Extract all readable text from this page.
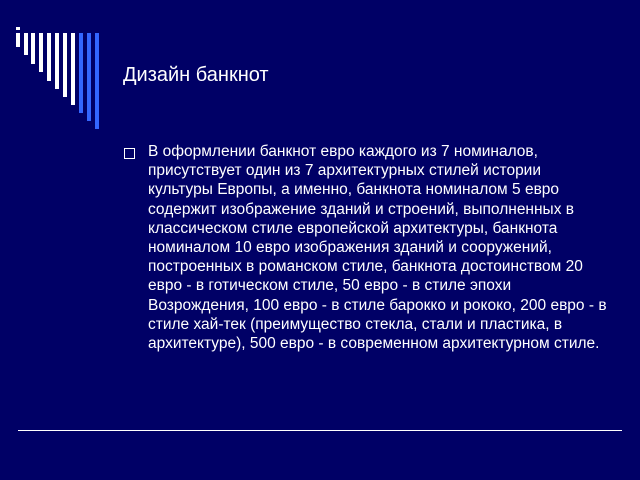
Дизайн банкнот
В оформлении банкнот евро каждого из 7 номиналов, присутствует один из 7 архитектурных стилей истории культуры Европы, а именно, банкнота номиналом 5 евро содержит изображение зданий и строений, выполненных в классическом стиле европейской архитектуры, банкнота номиналом 10 евро изображения зданий и сооружений, построенных в романском стиле, банкнота достоинством 20 евро - в готическом стиле, 50 евро - в стиле эпохи Возрождения, 100 евро - в стиле барокко и рококо, 200 евро - в стиле хай-тек (преимущество стекла, стали и пластика, в архитектуре), 500 евро - в современном архитектурном стиле.
